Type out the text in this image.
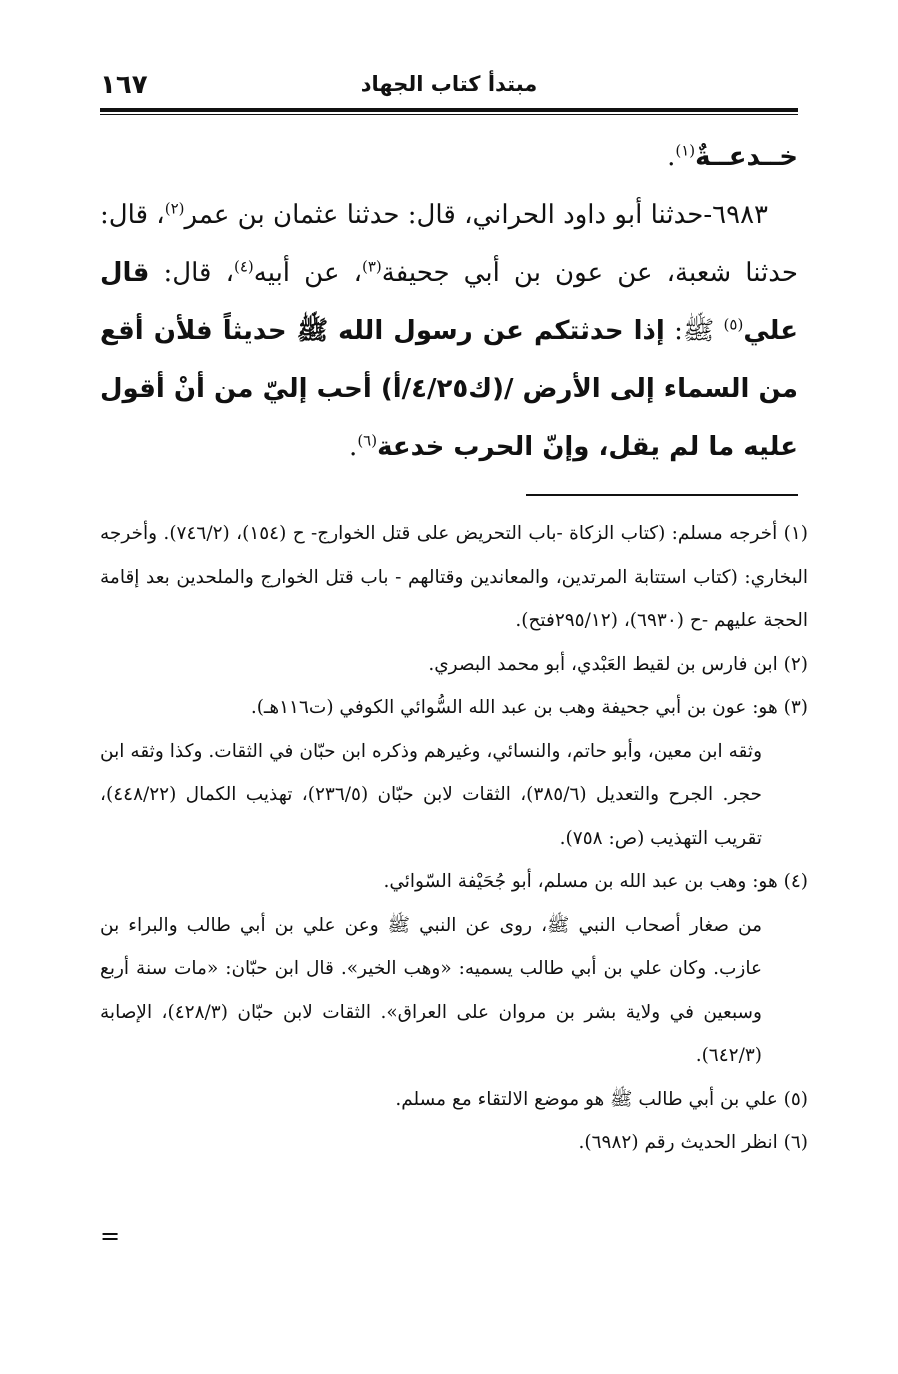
١٦٧	مبتدأ كتاب الجهاد

خــدعــةٌ$^{(١)}$.

٦٩٨٣-حدثنا أبو داود الحراني، قال: حدثنا عثمان بن عمر$^{(٢)}$، قال: حدثنا شعبة، عن عون بن أبي جحيفة$^{(٣)}$، عن أبيه$^{(٤)}$، قال: قال علي$^{(٥)}$ ﷺ: إذا حدثتكم عن رسول الله ﷺ حديثاً فلأن أقع من السماء إلى الأرض /(ك٤/٢٥/أ) أحب إليّ من أنْ أقول عليه ما لم يقل، وإنّ الحرب خدعة$^{(٦)}$.

(١) أخرجه مسلم: (كتاب الزكاة -باب التحريض على قتل الخوارج- ح (١٥٤)، (٧٤٦/٢). وأخرجه البخاري: (كتاب استتابة المرتدين، والمعاندين وقتالهم - باب قتل الخوارج والملحدين بعد إقامة الحجة عليهم -ح (٦٩٣٠)، (٢٩٥/١٢فتح).

(٢) ابن فارس بن لقيط العَبْدي، أبو محمد البصري.

(٣) هو: عون بن أبي جحيفة وهب بن عبد الله السُّوائي الكوفي (ت١١٦هـ).

وثقه ابن معين، وأبو حاتم، والنسائي، وغيرهم وذكره ابن حبّان في الثقات. وكذا وثقه ابن حجر. الجرح والتعديل (٣٨٥/٦)، الثقات لابن حبّان (٢٣٦/٥)، تهذيب الكمال (٤٤٨/٢٢)، تقريب التهذيب (ص: ٧٥٨).

(٤) هو: وهب بن عبد الله بن مسلم، أبو جُحَيْفة السّوائي.

من صغار أصحاب النبي ﷺ، روى عن النبي ﷺ وعن علي بن أبي طالب والبراء بن عازب. وكان علي بن أبي طالب يسميه: «وهب الخير». قال ابن حبّان: «مات سنة أربع وسبعين في ولاية بشر بن مروان على العراق». الثقات لابن حبّان (٤٢٨/٣)، الإصابة (٦٤٢/٣).

(٥) علي بن أبي طالب ﷺ هو موضع الالتقاء مع مسلم.

(٦) انظر الحديث رقم (٦٩٨٢).

=
